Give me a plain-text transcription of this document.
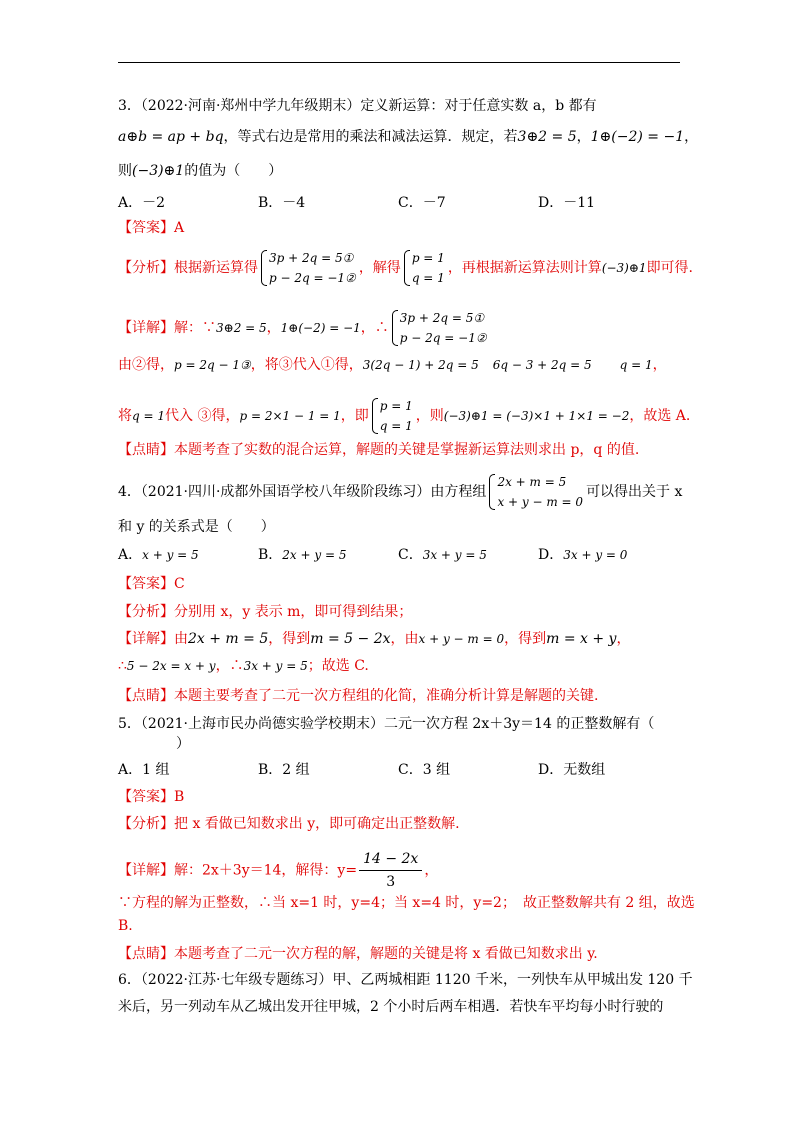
3．（2022·河南·郑州中学九年级期末）定义新运算：对于任意实数 a，b 都有
a⊕b = ap + bq，等式右边是常用的乘法和减法运算．规定，若3⊕2 = 5，1⊕(−2) = −1，
则(−3)⊕1的值为（　　）
A．－2	B．－4	C．－7	D．－11
【答案】A
【分析】根据新运算得
3p + 2q = 5①
p − 2q = −1②
，解得
p = 1
q = 1
，再根据新运算法则计算(−3)⊕1即可得.
【详解】解：∵3⊕2 = 5，1⊕(−2) = −1，∴
3p + 2q = 5①
p − 2q = −1②
由②得，p = 2q − 1③，将③代入①得，3(2q − 1) + 2q = 5　 6q − 3 + 2q = 5　　 q = 1，
将q = 1代入 ③得，p = 2×1 − 1 = 1，即
p = 1
q = 1
，则(−3)⊕1 = (−3)×1 + 1×1 = −2，故选 A.
【点睛】本题考查了实数的混合运算，解题的关键是掌握新运算法则求出 p，q 的值.
4．（2021·四川·成都外国语学校八年级阶段练习）由方程组
2x + m = 5
x + y − m = 0
可以得出关于 x
和 y 的关系式是（　　）
A．x + y = 5	B．2x + y = 5	C．3x + y = 5	D．3x + y = 0
【答案】C
【分析】分别用 x，y 表示 m，即可得到结果；
【详解】由2x + m = 5，得到m = 5 − 2x，由x + y − m = 0，得到m = x + y，
∴5 − 2x = x + y，∴3x + y = 5；故选 C.
【点睛】本题主要考查了二元一次方程组的化简，准确分析计算是解题的关键.
5．（2021·上海市民办尚德实验学校期末）二元一次方程 2x＋3y＝14 的正整数解有（
）
A．1 组	B．2 组	C．3 组	D．无数组
【答案】B
【分析】把 x 看做已知数求出 y，即可确定出正整数解.
【详解】解：2x＋3y＝14，解得：$y= \frac{14 - 2x}{3}$ ，
∵方程的解为正整数，∴当 x=1 时，y=4；当 x=4 时，y=2；　故正整数解共有 2 组，故选
B.
【点睛】本题考查了二元一次方程的解，解题的关键是将 x 看做已知数求出 y.
6．（2022·江苏·七年级专题练习）甲、乙两城相距 1120 千米，一列快车从甲城出发 120 千
米后，另一列动车从乙城出发开往甲城，2 个小时后两车相遇．若快车平均每小时行驶的
